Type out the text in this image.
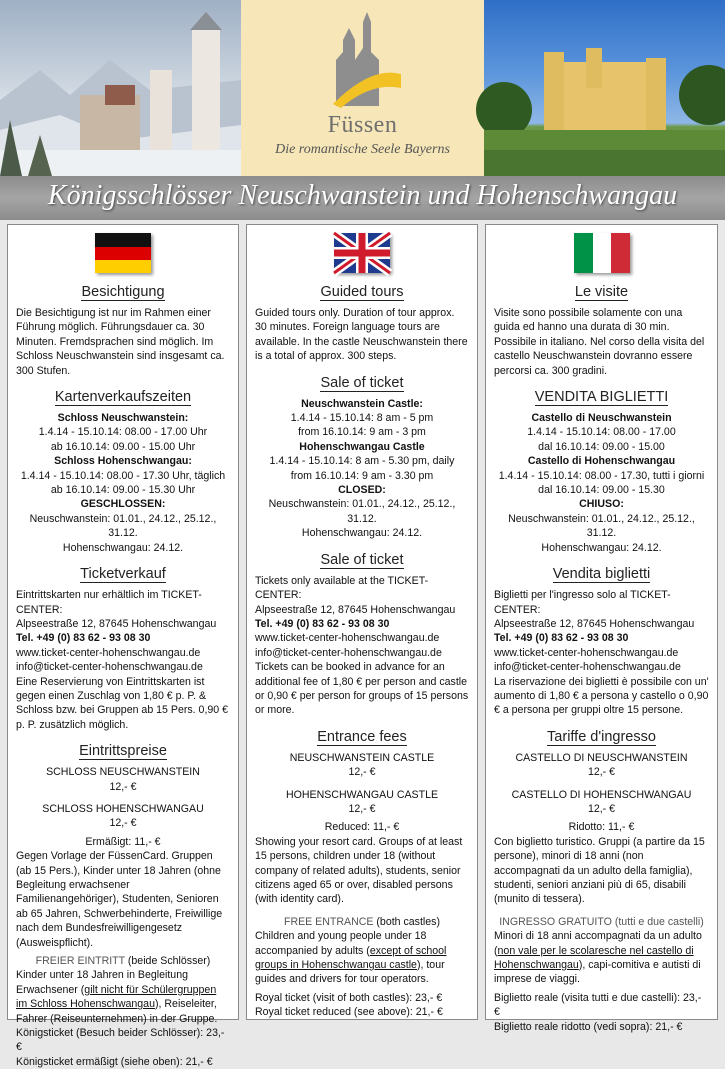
Füssen
Die romantische Seele Bayerns
Königsschlösser Neuschwanstein und Hohenschwangau
Besichtigung
Die Besichtigung ist nur im Rahmen einer Führung möglich. Führungsdauer ca. 30 Minuten. Fremdsprachen sind möglich. Im Schloss Neuschwanstein sind insgesamt ca. 300 Stufen.
Kartenverkaufszeiten
Schloss Neuschwanstein:
1.4.14 - 15.10.14: 08.00 - 17.00 Uhr
ab 16.10.14: 09.00 - 15.00 Uhr
Schloss Hohenschwangau:
1.4.14 - 15.10.14: 08.00 - 17.30 Uhr, täglich
ab 16.10.14: 09.00 - 15.30 Uhr
GESCHLOSSEN:
Neuschwanstein: 01.01., 24.12., 25.12., 31.12.
Hohenschwangau: 24.12.
Ticketverkauf
Eintrittskarten nur erhältlich im TICKET-CENTER:
Alpseestraße 12, 87645 Hohenschwangau
Tel. +49 (0) 83 62 - 93 08 30
www.ticket-center-hohenschwangau.de
info@ticket-center-hohenschwangau.de
Eine Reservierung von Eintrittskarten ist gegen einen Zuschlag von 1,80 € p. P. & Schloss bzw. bei Gruppen ab 15 Pers. 0,90 € p. P. zusätzlich möglich.
Eintrittspreise
SCHLOSS NEUSCHWANSTEIN
12,- €
SCHLOSS HOHENSCHWANGAU
12,- €
Ermäßigt: 11,- €
Gegen Vorlage der FüssenCard. Gruppen (ab 15 Pers.), Kinder unter 18 Jahren (ohne Begleitung erwachsener Familienangehöriger), Studenten, Senioren ab 65 Jahren, Schwerbehinderte, Freiwillige nach dem Bundesfreiwilligengesetz (Ausweispflicht).
FREIER EINTRITT (beide Schlösser)
Kinder unter 18 Jahren in Begleitung Erwachsener (gilt nicht für Schülergruppen im Schloss Hohenschwangau), Reiseleiter, Fahrer (Reiseunternehmen) in der Gruppe.
Königsticket (Besuch beider Schlösser): 23,- €
Königsticket ermäßigt (siehe oben): 21,- €
Guided tours
Guided tours only. Duration of tour approx. 30 minutes. Foreign language tours are available. In the castle Neuschwanstein there is a total of approx. 300 steps.
Sale of ticket
Neuschwanstein Castle:
1.4.14 - 15.10.14: 8 am - 5 pm
from 16.10.14: 9 am - 3 pm
Hohenschwangau Castle
1.4.14 - 15.10.14: 8 am - 5.30 pm, daily
from 16.10.14: 9 am - 3.30 pm
CLOSED:
Neuschwanstein: 01.01., 24.12., 25.12., 31.12.
Hohenschwangau: 24.12.
Sale of ticket
Tickets only available at the TICKET-CENTER:
Alpseestraße 12, 87645 Hohenschwangau
Tel. +49 (0) 83 62 - 93 08 30
www.ticket-center-hohenschwangau.de
info@ticket-center-hohenschwangau.de
Tickets can be booked in advance for an additional fee of 1,80 € per person and castle or 0,90 € per person for groups of 15 persons or more.
Entrance fees
NEUSCHWANSTEIN CASTLE
12,- €
HOHENSCHWANGAU CASTLE
12,- €
Reduced: 11,- €
Showing your resort card. Groups of at least 15 persons, children under 18 (without company of related adults), students, senior citizens aged 65 or over, disabled persons (with identity card).
FREE ENTRANCE (both castles)
Children and young people under 18 accompanied by adults (except of school groups in Hohenschwangau castle), tour guides and drivers for tour operators.
Royal ticket (visit of both castles): 23,- €
Royal ticket reduced (see above): 21,- €
Le visite
Visite sono possibile solamente con una guida ed hanno una durata di 30 min. Possibile in italiano. Nel corso della visita del castello Neuschwanstein dovranno essere percorsi ca. 300 gradini.
VENDITA BIGLIETTI
Castello di Neuschwanstein
1.4.14 - 15.10.14: 08.00 - 17.00
dal 16.10.14: 09.00 - 15.00
Castello di Hohenschwangau
1.4.14 - 15.10.14: 08.00 - 17.30, tutti i giorni
dal 16.10.14: 09.00 - 15.30
CHIUSO:
Neuschwanstein: 01.01., 24.12., 25.12., 31.12.
Hohenschwangau: 24.12.
Vendita biglietti
Biglietti per l'ingresso solo al TICKET-CENTER:
Alpseestraße 12, 87645 Hohenschwangau
Tel. +49 (0) 83 62 - 93 08 30
www.ticket-center-hohenschwangau.de
info@ticket-center-hohenschwangau.de
La riservazione dei biglietti è possibile con un' aumento di 1,80 € a persona y castello o 0,90 € a persona per gruppi oltre 15 persone.
Tariffe d'ingresso
CASTELLO DI NEUSCHWANSTEIN
12,- €
CASTELLO DI HOHENSCHWANGAU
12,- €
Ridotto: 11,- €
Con biglietto turistico. Gruppi (a partire da 15 persone), minori di 18 anni (non accompagnati da un adulto della famiglia), studenti, seniori anziani più di 65, disabili (munito di tessera).
INGRESSO GRATUITO (tutti e due castelli)
Minori di 18 anni accompagnati da un adulto (non vale per le scolaresche nel castello di Hohenschwangau), capi-comitiva e autisti di imprese de viaggi.
Biglietto reale (visita tutti e due castelli): 23,- €
Biglietto reale ridotto (vedi sopra): 21,- €
